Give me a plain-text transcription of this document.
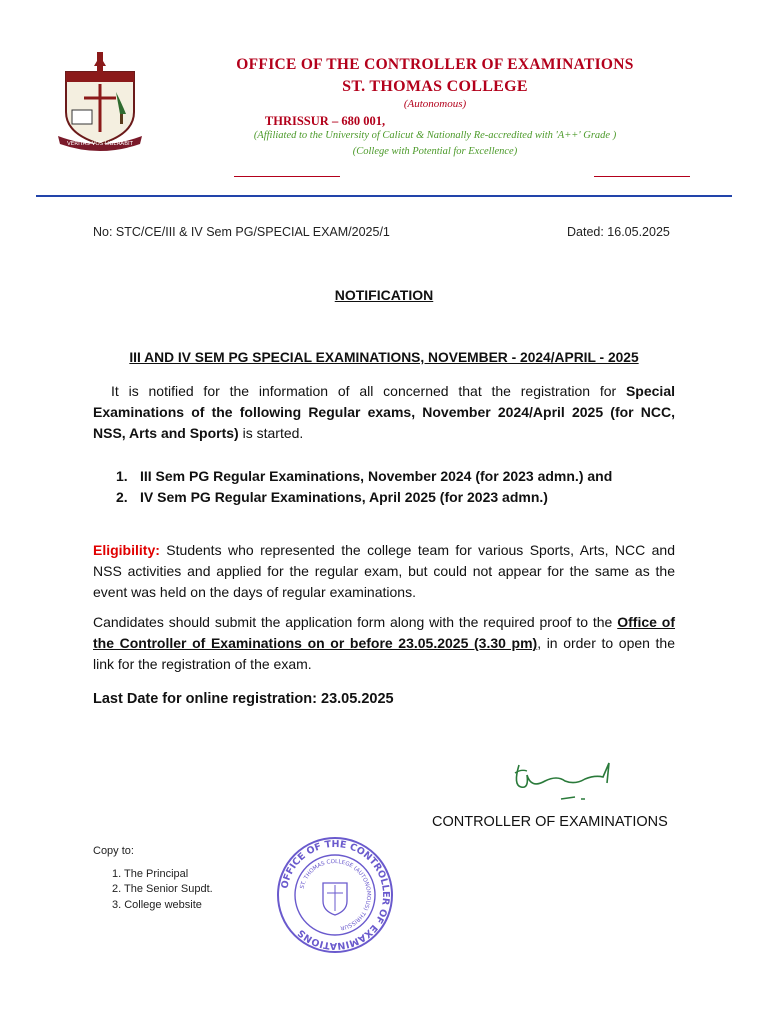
VERITAS VOS LIBERABIT
OFFICE OF THE CONTROLLER OF EXAMINATIONS
ST. THOMAS COLLEGE
(Autonomous)
THRISSUR – 680 001,
(Affiliated to the University of Calicut & Nationally Re-accredited with 'A++' Grade )
(College with Potential for Excellence)
No: STC/CE/III & IV Sem PG/SPECIAL EXAM/2025/1	Dated: 16.05.2025
NOTIFICATION
III AND IV SEM PG SPECIAL EXAMINATIONS, NOVEMBER - 2024/APRIL - 2025
It is notified for the information of all concerned that the registration for Special Examinations of the following Regular exams, November 2024/April 2025 (for NCC, NSS, Arts and Sports) is started.
1. III Sem PG Regular Examinations, November 2024 (for 2023 admn.) and
2. IV Sem PG Regular Examinations, April 2025 (for 2023 admn.)
Eligibility: Students who represented the college team for various Sports, Arts, NCC and NSS activities and applied for the regular exam, but could not appear for the same as the event was held on the days of regular examinations.
Candidates should submit the application form along with the required proof to the Office of the Controller of Examinations on or before 23.05.2025 (3.30 pm), in order to open the link for the registration of the exam.
Last Date for online registration: 23.05.2025
CONTROLLER OF EXAMINATIONS
Copy to:
1. The Principal
2. The Senior Supdt.
3. College website
OFFICE OF THE CONTROLLER OF EXAMINATIONS
ST. THOMAS COLLEGE (AUTONOMOUS) THRISSUR
